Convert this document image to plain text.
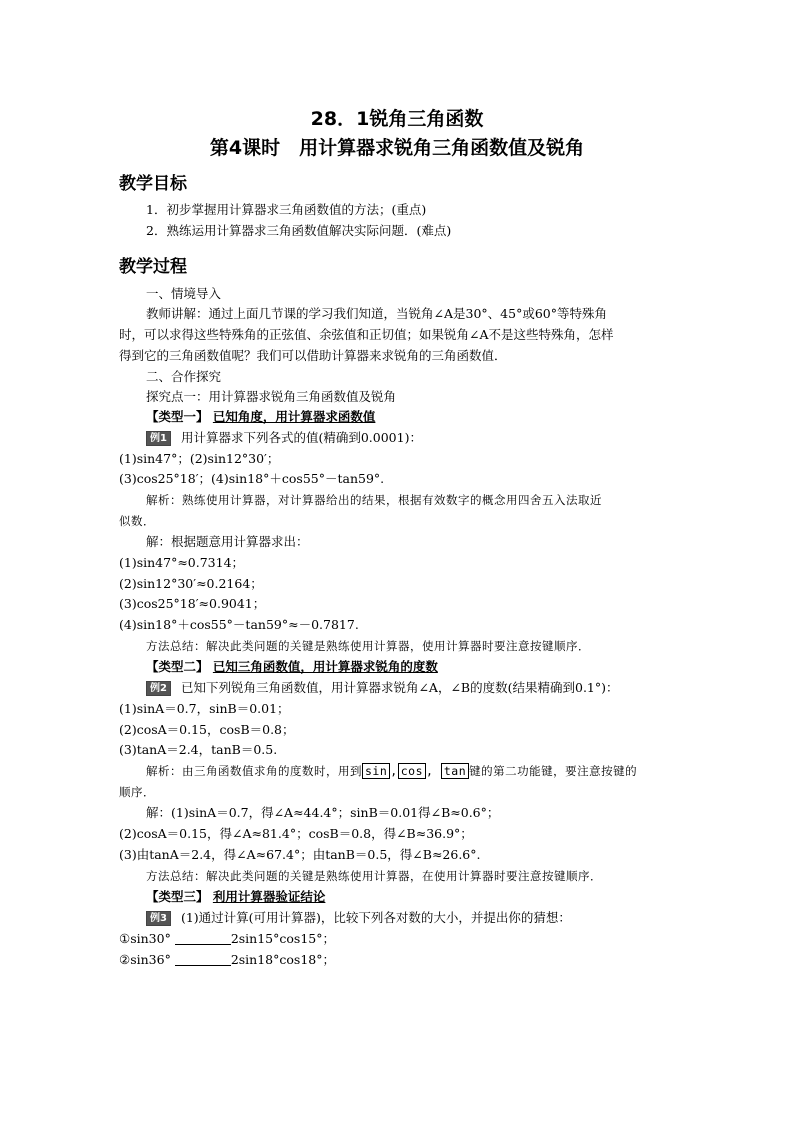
28．1锐角三角函数
第4课时　用计算器求锐角三角函数值及锐角
教学目标
1．初步掌握用计算器求三角函数值的方法；(重点)
2．熟练运用计算器求三角函数值解决实际问题．(难点)
教学过程
一、情境导入
教师讲解：通过上面几节课的学习我们知道，当锐角∠A是30°、45°或60°等特殊角
时，可以求得这些特殊角的正弦值、余弦值和正切值；如果锐角∠A不是这些特殊角，怎样
得到它的三角函数值呢？我们可以借助计算器来求锐角的三角函数值．
二、合作探究
探究点一：用计算器求锐角三角函数值及锐角
【类型一】 已知角度，用计算器求函数值
例1 用计算器求下列各式的值(精确到0.0001)：
(1)sin47°；(2)sin12°30′；
(3)cos25°18′；(4)sin18°＋cos55°－tan59°.
解析：熟练使用计算器，对计算器给出的结果，根据有效数字的概念用四舍五入法取近
似数．
解：根据题意用计算器求出：
(1)sin47°≈0.7314；
(2)sin12°30′≈0.2164；
(3)cos25°18′≈0.9041；
(4)sin18°＋cos55°－tan59°≈－0.7817.
方法总结：解决此类问题的关键是熟练使用计算器，使用计算器时要注意按键顺序．
【类型二】 已知三角函数值，用计算器求锐角的度数
例2 已知下列锐角三角函数值，用计算器求锐角∠A，∠B的度数(结果精确到0.1°)：
(1)sinA＝0.7，sinB＝0.01；
(2)cosA＝0.15，cosB＝0.8；
(3)tanA＝2.4，tanB＝0.5.
解析：由三角函数值求角的度数时，用到 sin , cos , tan 键的第二功能键，要注意按键的
顺序．
解：(1)sinA＝0.7，得∠A≈44.4°；sinB＝0.01得∠B≈0.6°；
(2)cosA＝0.15，得∠A≈81.4°；cosB＝0.8，得∠B≈36.9°；
(3)由tanA＝2.4，得∠A≈67.4°；由tanB＝0.5，得∠B≈26.6°.
方法总结：解决此类问题的关键是熟练使用计算器，在使用计算器时要注意按键顺序．
【类型三】 利用计算器验证结论
例3 (1)通过计算(可用计算器)，比较下列各对数的大小，并提出你的猜想：
①sin30°	2sin15°cos15°；
②sin36°	2sin18°cos18°；
